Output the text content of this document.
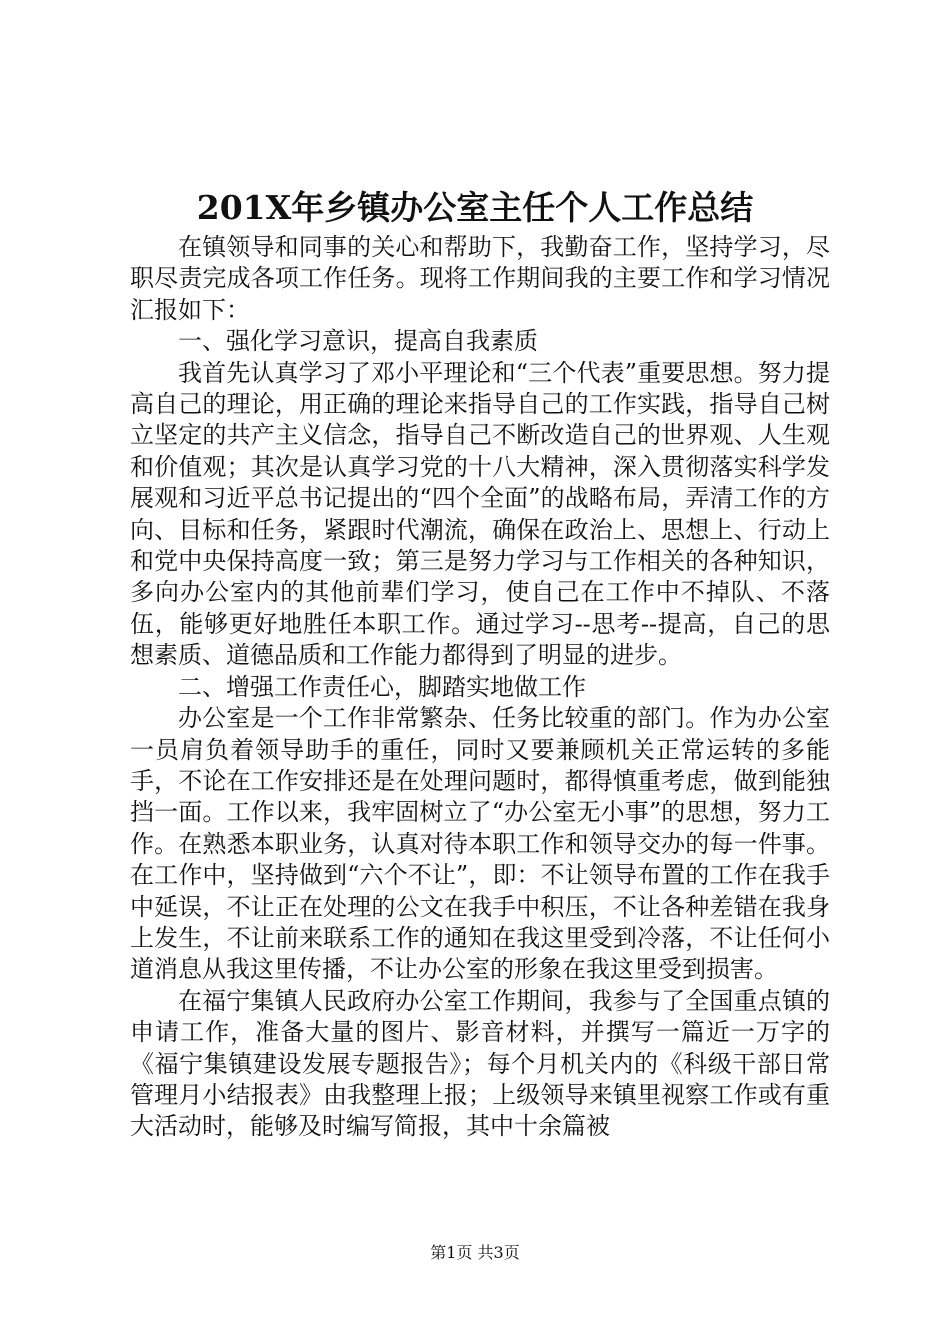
201X年乡镇办公室主任个人工作总结

在镇领导和同事的关心和帮助下，我勤奋工作，坚持学习，尽职尽责完成各项工作任务。现将工作期间我的主要工作和学习情况汇报如下：

一、强化学习意识，提高自我素质

我首先认真学习了邓小平理论和“三个代表”重要思想。努力提高自己的理论，用正确的理论来指导自己的工作实践，指导自己树立坚定的共产主义信念，指导自己不断改造自己的世界观、人生观和价值观；其次是认真学习党的十八大精神，深入贯彻落实科学发展观和习近平总书记提出的“四个全面”的战略布局，弄清工作的方向、目标和任务，紧跟时代潮流，确保在政治上、思想上、行动上和党中央保持高度一致；第三是努力学习与工作相关的各种知识，多向办公室内的其他前辈们学习，使自己在工作中不掉队、不落伍，能够更好地胜任本职工作。通过学习--思考--提高，自己的思想素质、道德品质和工作能力都得到了明显的进步。

二、增强工作责任心，脚踏实地做工作

办公室是一个工作非常繁杂、任务比较重的部门。作为办公室一员肩负着领导助手的重任，同时又要兼顾机关正常运转的多能手，不论在工作安排还是在处理问题时，都得慎重考虑，做到能独挡一面。工作以来，我牢固树立了“办公室无小事”的思想，努力工作。在熟悉本职业务，认真对待本职工作和领导交办的每一件事。在工作中，坚持做到“六个不让”，即：不让领导布置的工作在我手中延误，不让正在处理的公文在我手中积压，不让各种差错在我身上发生，不让前来联系工作的通知在我这里受到冷落，不让任何小道消息从我这里传播，不让办公室的形象在我这里受到损害。

在福宁集镇人民政府办公室工作期间，我参与了全国重点镇的申请工作，准备大量的图片、影音材料，并撰写一篇近一万字的《福宁集镇建设发展专题报告》；每个月机关内的《科级干部日常管理月小结报表》由我整理上报；上级领导来镇里视察工作或有重大活动时，能够及时编写简报，其中十余篇被

第1页 共3页
